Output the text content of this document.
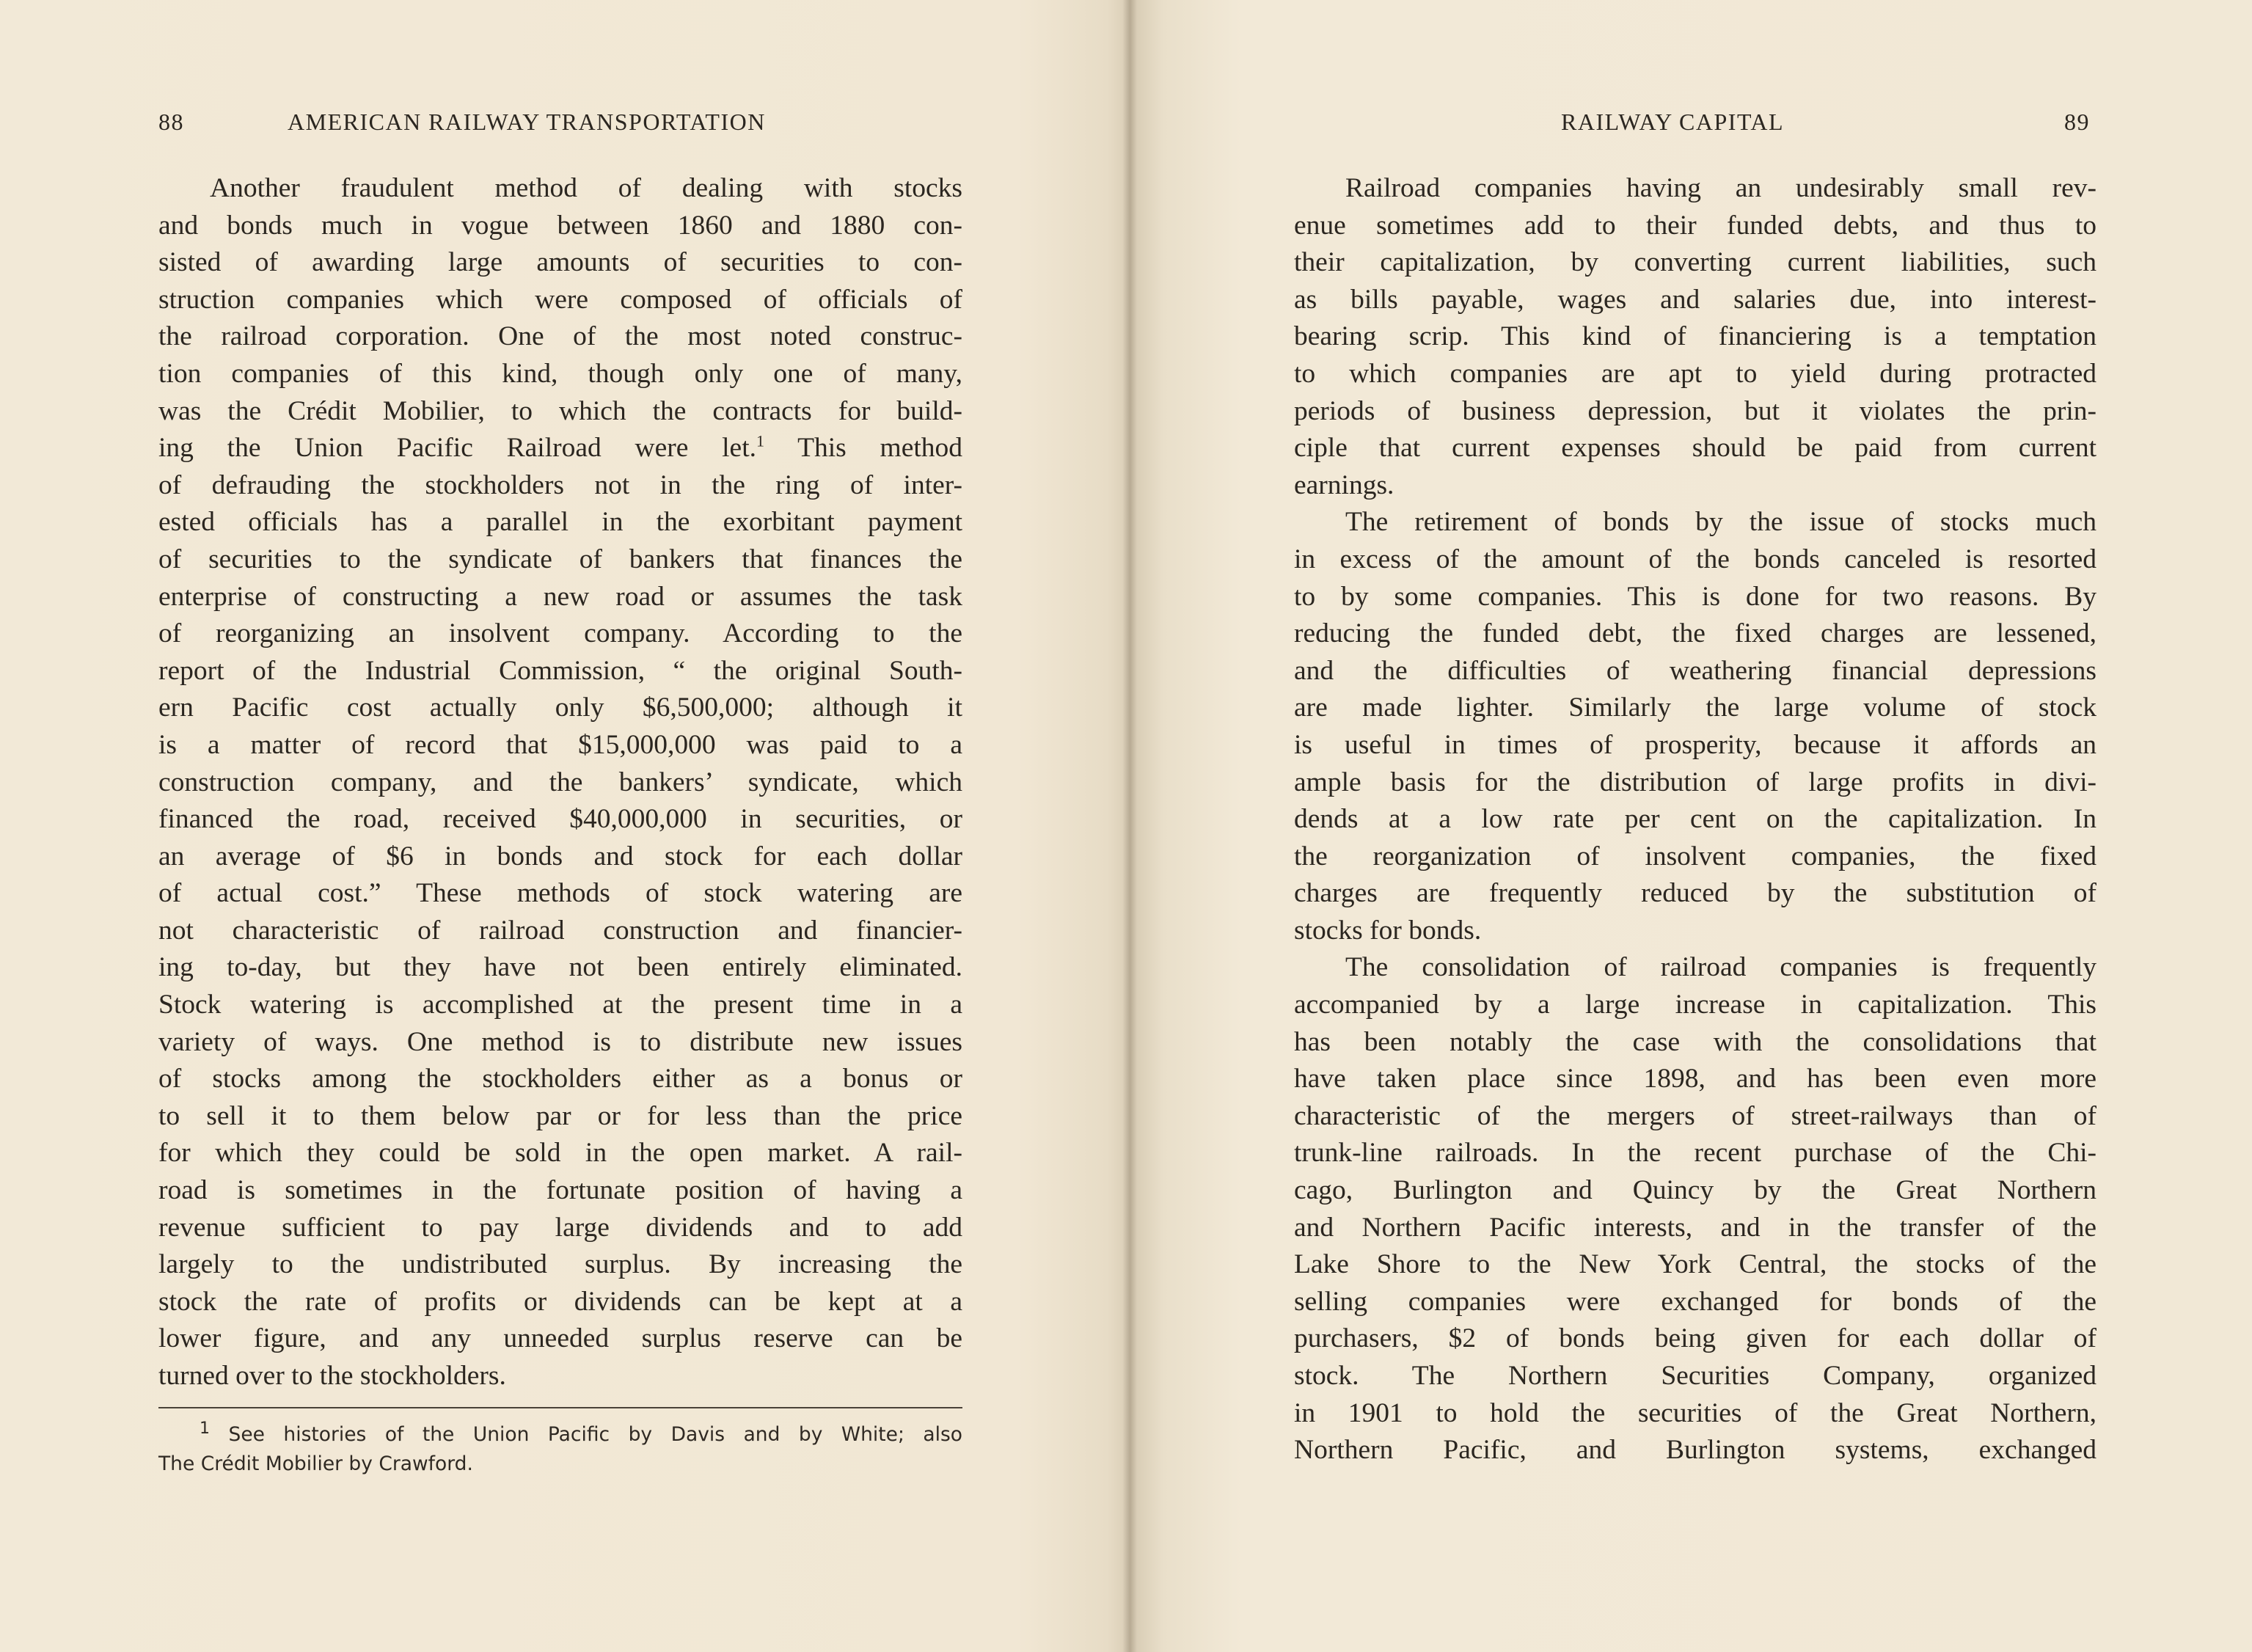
88	AMERICAN RAILWAY TRANSPORTATION
Another fraudulent method of dealing with stocks
and bonds much in vogue between 1860 and 1880 con-
sisted of awarding large amounts of securities to con-
struction companies which were composed of officials of
the railroad corporation. One of the most noted construc-
tion companies of this kind, though only one of many,
was the Crédit Mobilier, to which the contracts for build-
ing the Union Pacific Railroad were let.$^1$ This method
of defrauding the stockholders not in the ring of inter-
ested officials has a parallel in the exorbitant payment
of securities to the syndicate of bankers that finances the
enterprise of constructing a new road or assumes the task
of reorganizing an insolvent company. According to the
report of the Industrial Commission, “ the original South-
ern Pacific cost actually only $6,500,000; although it
is a matter of record that $15,000,000 was paid to a
construction company, and the bankers’ syndicate, which
financed the road, received $40,000,000 in securities, or
an average of $6 in bonds and stock for each dollar
of actual cost.” These methods of stock watering are
not characteristic of railroad construction and financier-
ing to-day, but they have not been entirely eliminated.
Stock watering is accomplished at the present time in a
variety of ways. One method is to distribute new issues
of stocks among the stockholders either as a bonus or
to sell it to them below par or for less than the price
for which they could be sold in the open market. A rail-
road is sometimes in the fortunate position of having a
revenue sufficient to pay large dividends and to add
largely to the undistributed surplus. By increasing the
stock the rate of profits or dividends can be kept at a
lower figure, and any unneeded surplus reserve can be
turned over to the stockholders.
$^1$ See histories of the Union Pacific by Davis and by White; also
The Crédit Mobilier by Crawford.
RAILWAY CAPITAL	89
Railroad companies having an undesirably small rev-
enue sometimes add to their funded debts, and thus to
their capitalization, by converting current liabilities, such
as bills payable, wages and salaries due, into interest-
bearing scrip. This kind of financiering is a temptation
to which companies are apt to yield during protracted
periods of business depression, but it violates the prin-
ciple that current expenses should be paid from current
earnings.
The retirement of bonds by the issue of stocks much
in excess of the amount of the bonds canceled is resorted
to by some companies. This is done for two reasons. By
reducing the funded debt, the fixed charges are lessened,
and the difficulties of weathering financial depressions
are made lighter. Similarly the large volume of stock
is useful in times of prosperity, because it affords an
ample basis for the distribution of large profits in divi-
dends at a low rate per cent on the capitalization. In
the reorganization of insolvent companies, the fixed
charges are frequently reduced by the substitution of
stocks for bonds.
The consolidation of railroad companies is frequently
accompanied by a large increase in capitalization. This
has been notably the case with the consolidations that
have taken place since 1898, and has been even more
characteristic of the mergers of street-railways than of
trunk-line railroads. In the recent purchase of the Chi-
cago, Burlington and Quincy by the Great Northern
and Northern Pacific interests, and in the transfer of the
Lake Shore to the New York Central, the stocks of the
selling companies were exchanged for bonds of the
purchasers, $2 of bonds being given for each dollar of
stock. The Northern Securities Company, organized
in 1901 to hold the securities of the Great Northern,
Northern Pacific, and Burlington systems, exchanged
